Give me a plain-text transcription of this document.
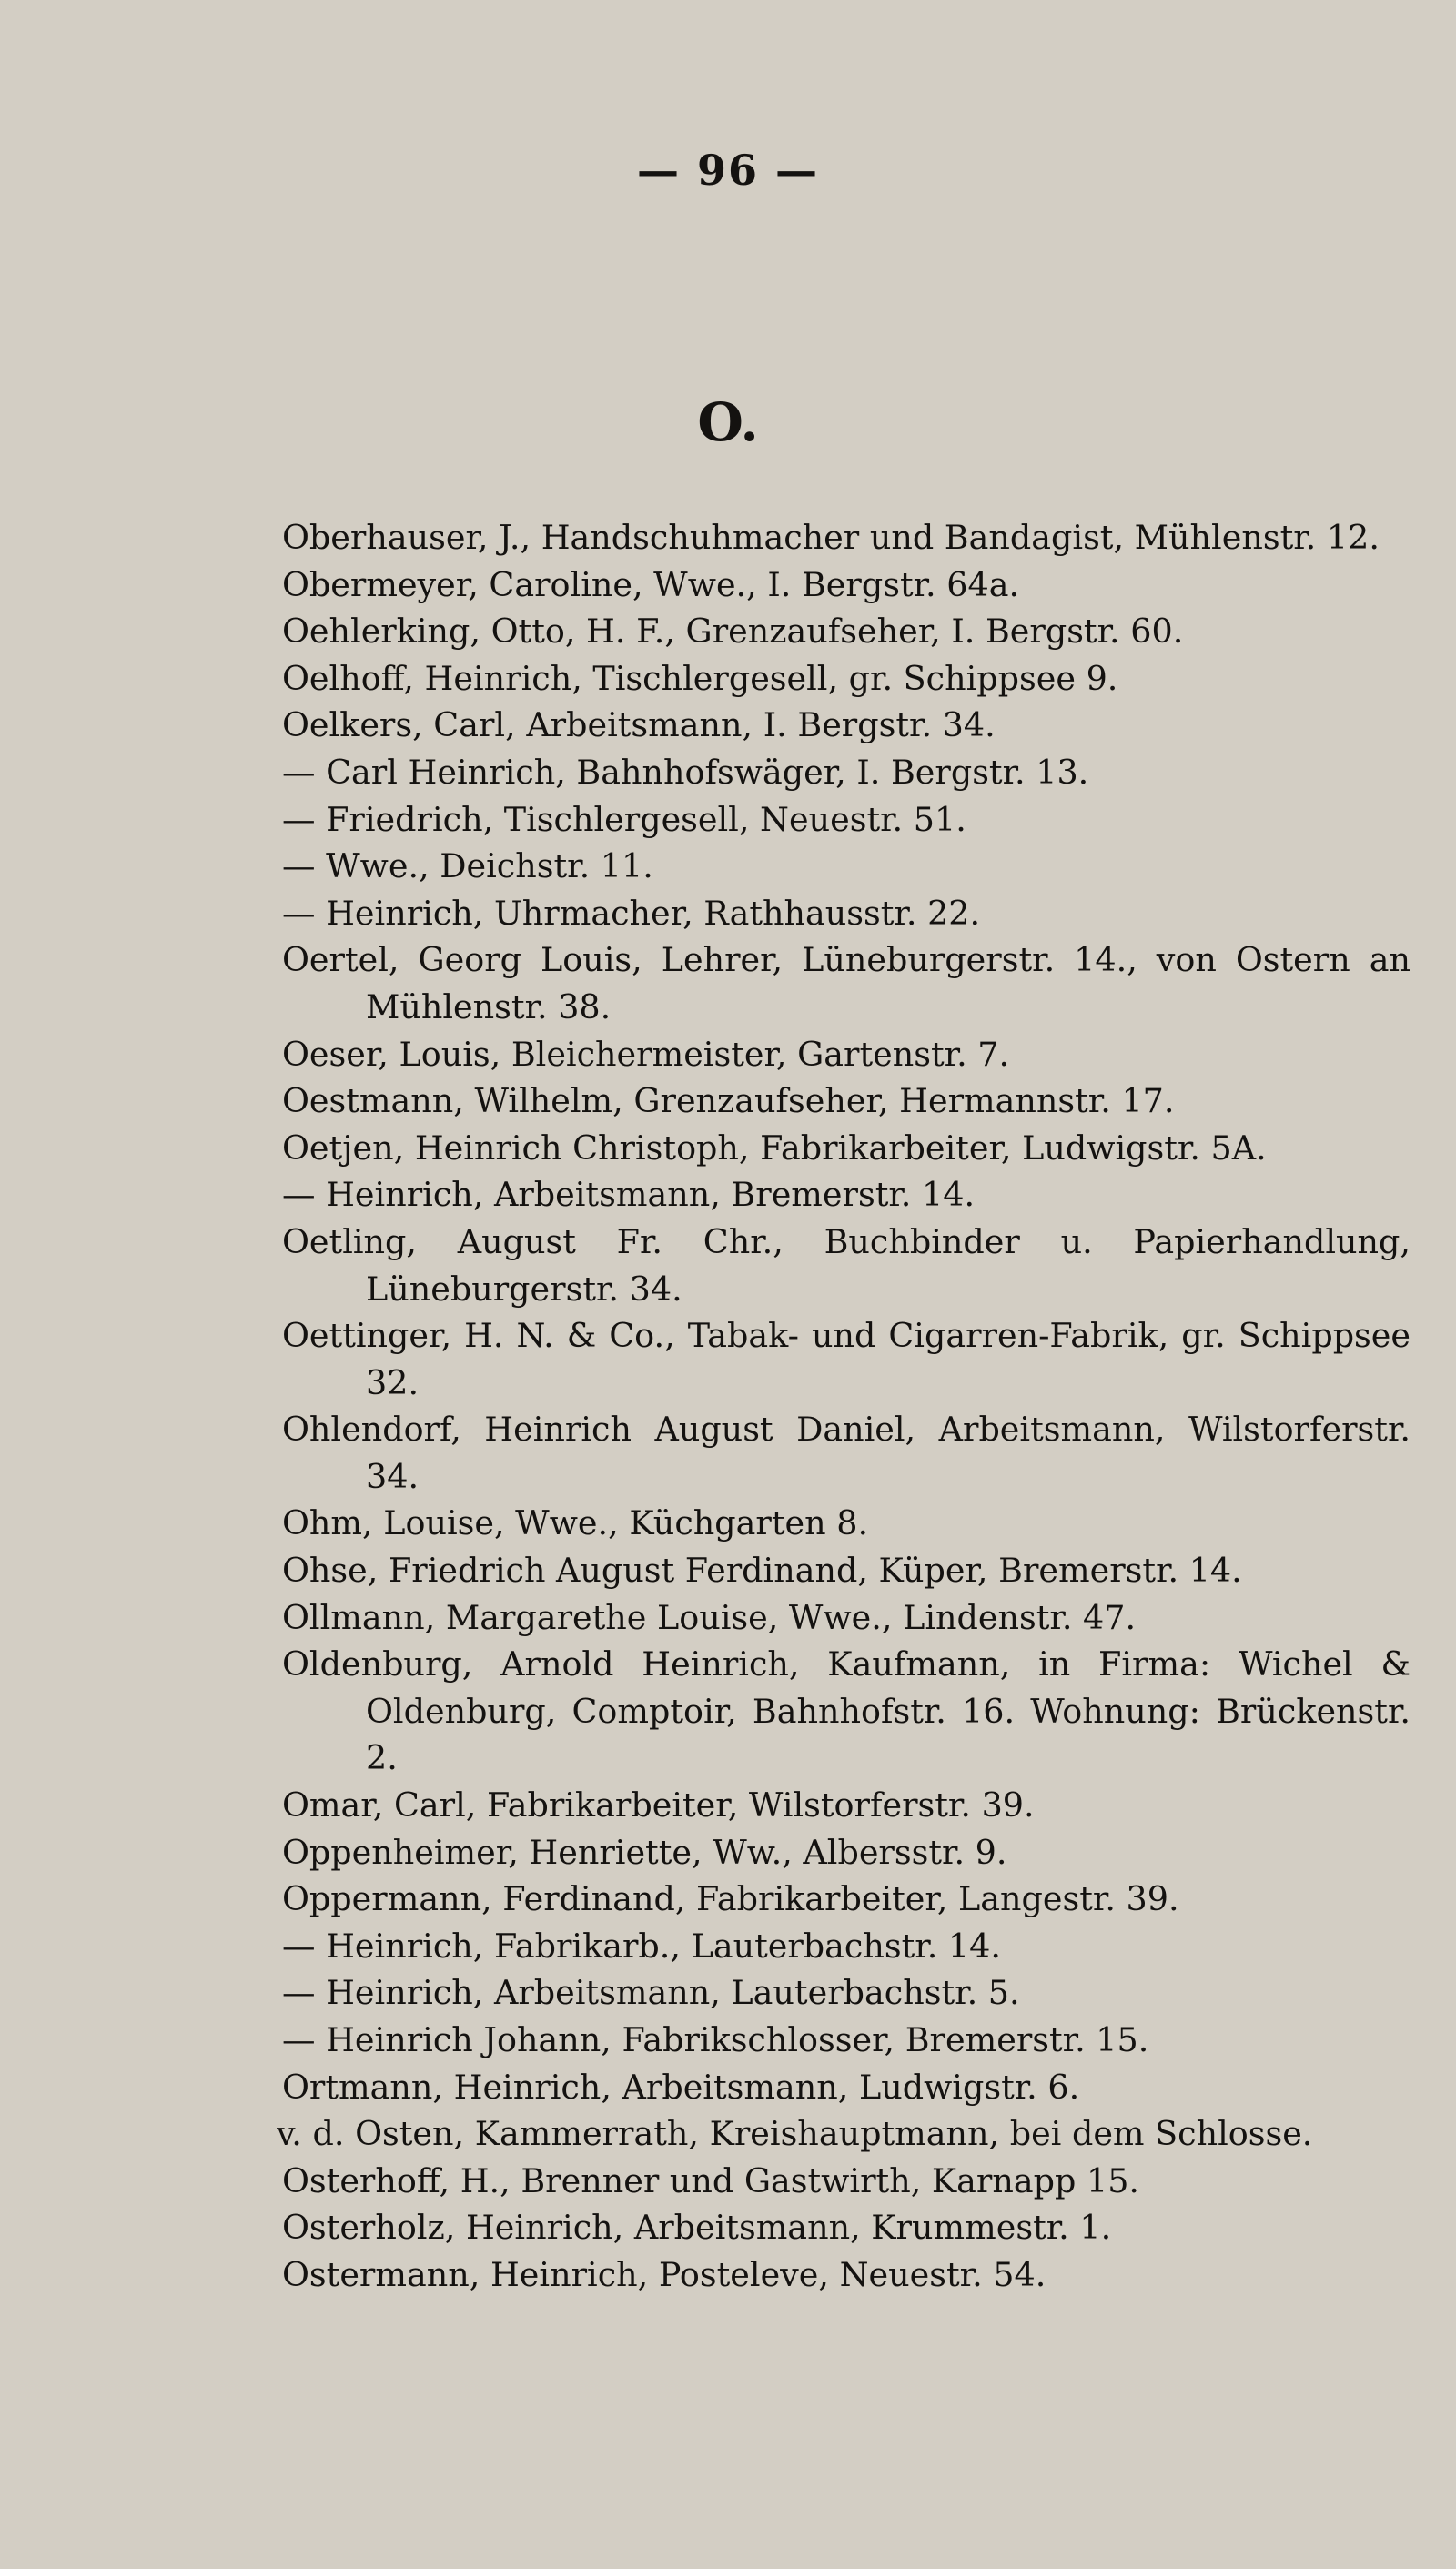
— 96 —
O.
Oberhauser, J., Handschuhmacher und Bandagist, Mühlenstr. 12.
Obermeyer, Caroline, Wwe., I. Bergstr. 64a.
Oehlerking, Otto, H. F., Grenzaufseher, I. Bergstr. 60.
Oelhoff, Heinrich, Tischlergesell, gr. Schippsee 9.
Oelkers, Carl, Arbeitsmann, I. Bergstr. 34.
— Carl Heinrich, Bahnhofswäger, I. Bergstr. 13.
— Friedrich, Tischlergesell, Neuestr. 51.
— Wwe., Deichstr. 11.
— Heinrich, Uhrmacher, Rathhausstr. 22.
Oertel, Georg Louis, Lehrer, Lüneburgerstr. 14., von Ostern an Mühlenstr. 38.
Oeser, Louis, Bleichermeister, Gartenstr. 7.
Oestmann, Wilhelm, Grenzaufseher, Hermannstr. 17.
Oetjen, Heinrich Christoph, Fabrikarbeiter, Ludwigstr. 5A.
— Heinrich, Arbeitsmann, Bremerstr. 14.
Oetling, August Fr. Chr., Buchbinder u. Papierhandlung, Lüneburgerstr. 34.
Oettinger, H. N. & Co., Tabak- und Cigarren-Fabrik, gr. Schippsee 32.
Ohlendorf, Heinrich August Daniel, Arbeitsmann, Wilstorferstr. 34.
Ohm, Louise, Wwe., Küchgarten 8.
Ohse, Friedrich August Ferdinand, Küper, Bremerstr. 14.
Ollmann, Margarethe Louise, Wwe., Lindenstr. 47.
Oldenburg, Arnold Heinrich, Kaufmann, in Firma: Wichel & Oldenburg, Comptoir, Bahnhofstr. 16. Wohnung: Brückenstr. 2.
Omar, Carl, Fabrikarbeiter, Wilstorferstr. 39.
Oppenheimer, Henriette, Ww., Albersstr. 9.
Oppermann, Ferdinand, Fabrikarbeiter, Langestr. 39.
— Heinrich, Fabrikarb., Lauterbachstr. 14.
— Heinrich, Arbeitsmann, Lauterbachstr. 5.
— Heinrich Johann, Fabrikschlosser, Bremerstr. 15.
Ortmann, Heinrich, Arbeitsmann, Ludwigstr. 6.
v. d. Osten, Kammerrath, Kreishauptmann, bei dem Schlosse.
Osterhoff, H., Brenner und Gastwirth, Karnapp 15.
Osterholz, Heinrich, Arbeitsmann, Krummestr. 1.
Ostermann, Heinrich, Posteleve, Neuestr. 54.
